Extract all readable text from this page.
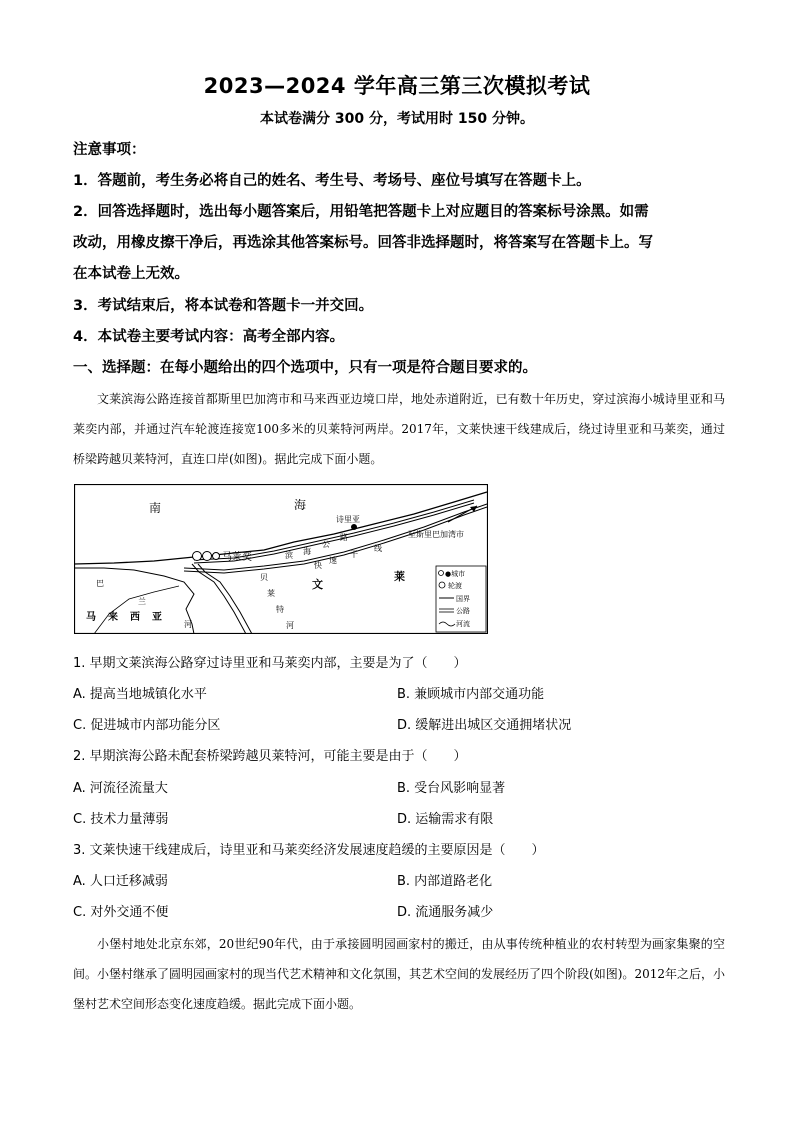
2023—2024 学年高三第三次模拟考试
本试卷满分 300 分，考试用时 150 分钟。
注意事项：
1．答题前，考生务必将自己的姓名、考生号、考场号、座位号填写在答题卡上。
2．回答选择题时，选出每小题答案后，用铅笔把答题卡上对应题目的答案标号涂黑。如需
改动，用橡皮擦干净后，再选涂其他答案标号。回答非选择题时，将答案写在答题卡上。写
在本试卷上无效。
3．考试结束后，将本试卷和答题卡一并交回。
4．本试卷主要考试内容：高考全部内容。
一、选择题：在每小题给出的四个选项中，只有一项是符合题目要求的。
文莱滨海公路连接首都斯里巴加湾市和马来西亚边境口岸，地处赤道附近，已有数十年历史，穿过滨海小城诗里亚和马莱奕内部，并通过汽车轮渡连接宽100多米的贝莱特河两岸。2017年，文莱快速干线建成后，绕过诗里亚和马莱奕，通过桥梁跨越贝莱特河，直连口岸(如图)。据此完成下面小题。
南	海
诗里亚
马莱奕
至斯里巴加湾市
滨 海
公
路
快
速
干
线
文
莱
贝
莱
特
河
巴
兰
河
马 来 西 亚
●城市
轮渡
国界
公路
河流
1. 早期文莱滨海公路穿过诗里亚和马莱奕内部，主要是为了（　　）
A. 提高当地城镇化水平	B. 兼顾城市内部交通功能
C. 促进城市内部功能分区	D. 缓解进出城区交通拥堵状况
2. 早期滨海公路未配套桥梁跨越贝莱特河，可能主要是由于（　　）
A. 河流径流量大	B. 受台风影响显著
C. 技术力量薄弱	D. 运输需求有限
3. 文莱快速干线建成后，诗里亚和马莱奕经济发展速度趋缓的主要原因是（　　）
A. 人口迁移减弱	B. 内部道路老化
C. 对外交通不便	D. 流通服务减少
小堡村地处北京东郊，20世纪90年代，由于承接圆明园画家村的搬迁，由从事传统种植业的农村转型为画家集聚的空间。小堡村继承了圆明园画家村的现当代艺术精神和文化氛围，其艺术空间的发展经历了四个阶段(如图)。2012年之后，小堡村艺术空间形态变化速度趋缓。据此完成下面小题。
